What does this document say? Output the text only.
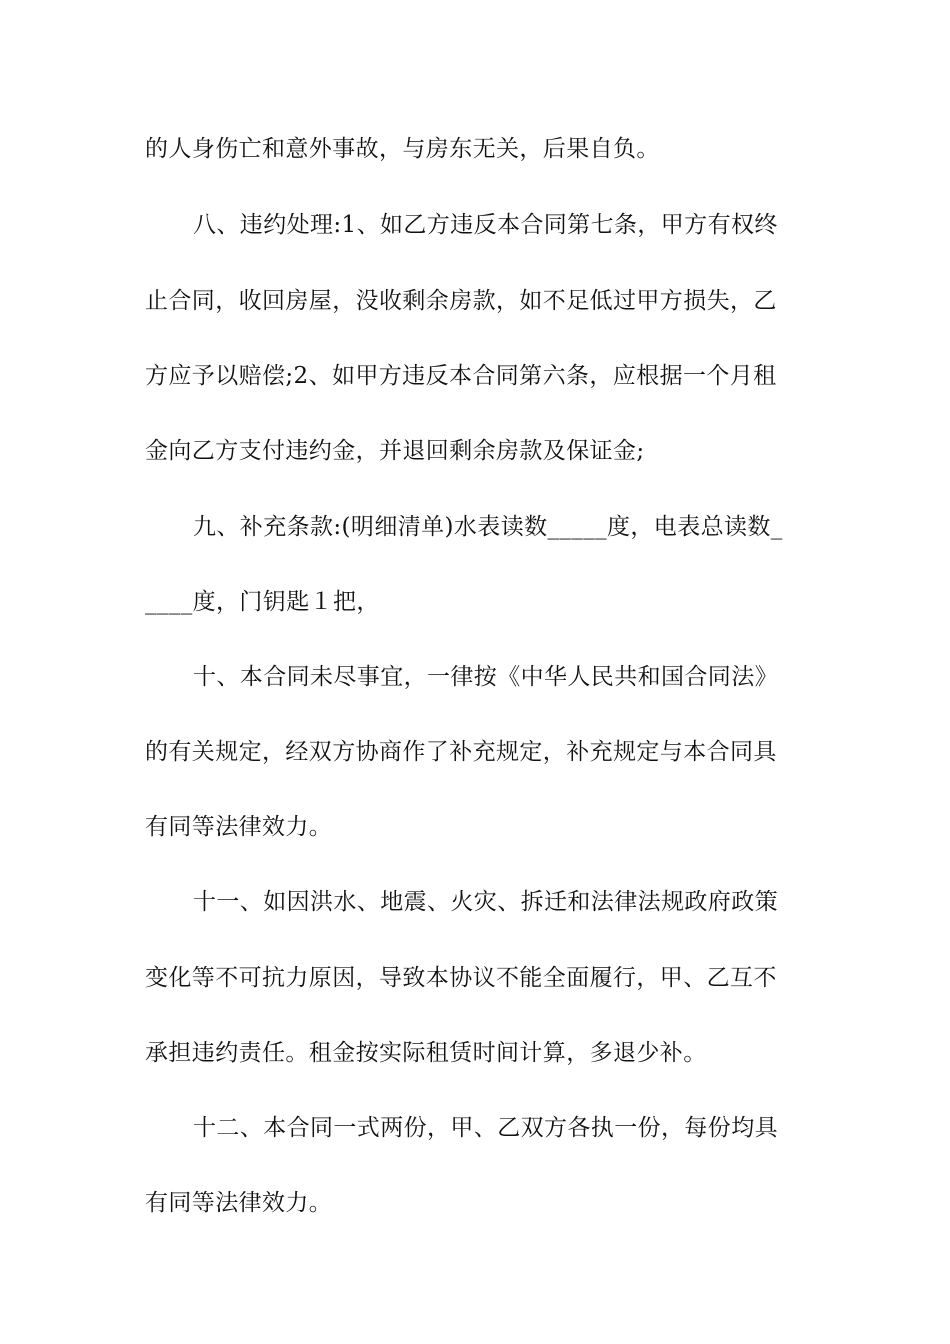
的人身伤亡和意外事故，与房东无关，后果自负。
八、违约处理:1、如乙方违反本合同第七条，甲方有权终
止合同，收回房屋，没收剩余房款，如不足低过甲方损失，乙
方应予以赔偿;2、如甲方违反本合同第六条，应根据一个月租
金向乙方支付违约金，并退回剩余房款及保证金;
九、补充条款:(明细清单)水表读数_____度，电表总读数_
____度，门钥匙１把，
十、本合同未尽事宜，一律按《中华人民共和国合同法》
的有关规定，经双方协商作了补充规定，补充规定与本合同具
有同等法律效力。
十一、如因洪水、地震、火灾、拆迁和法律法规政府政策
变化等不可抗力原因，导致本协议不能全面履行，甲、乙互不
承担违约责任。租金按实际租赁时间计算，多退少补。
十二、本合同一式两份，甲、乙双方各执一份，每份均具
有同等法律效力。
